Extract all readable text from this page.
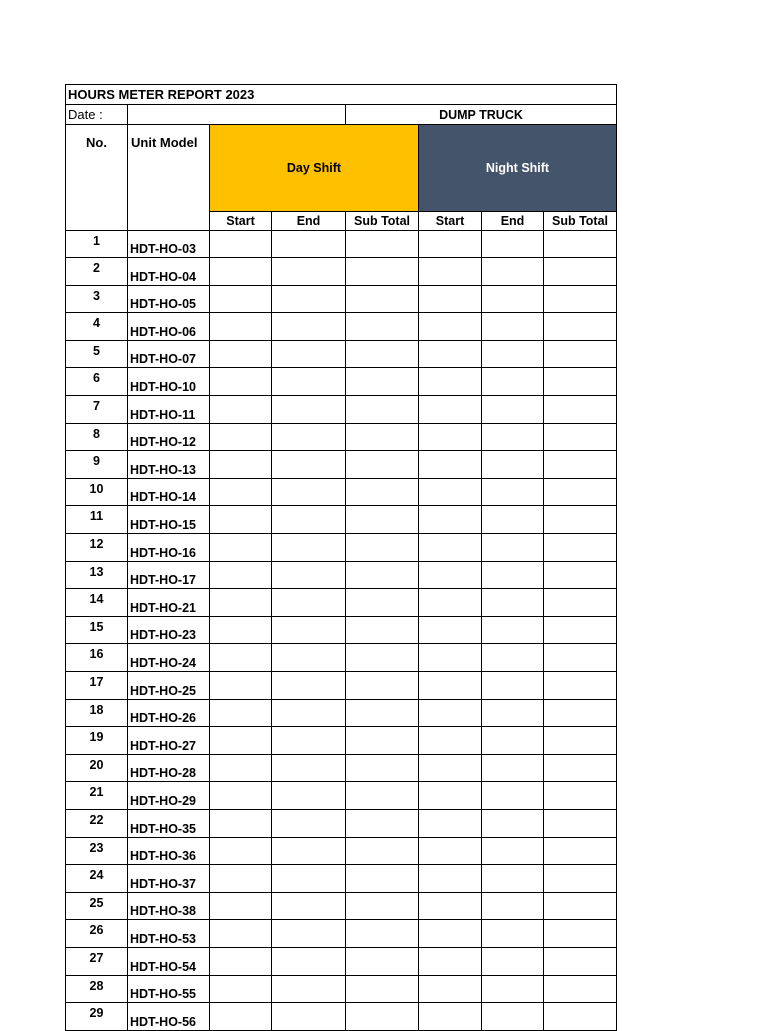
HOURS METER REPORT 2023							
Date :				DUMP TRUCK			
No.	Unit Model	Day Shift			Night Shift		
		Start	End	Sub Total	Start	End	Sub Total
1	HDT-HO-03						
2	HDT-HO-04						
3	HDT-HO-05						
4	HDT-HO-06						
5	HDT-HO-07						
6	HDT-HO-10						
7	HDT-HO-11						
8	HDT-HO-12						
9	HDT-HO-13						
10	HDT-HO-14						
11	HDT-HO-15						
12	HDT-HO-16						
13	HDT-HO-17						
14	HDT-HO-21						
15	HDT-HO-23						
16	HDT-HO-24						
17	HDT-HO-25						
18	HDT-HO-26						
19	HDT-HO-27						
20	HDT-HO-28						
21	HDT-HO-29						
22	HDT-HO-35						
23	HDT-HO-36						
24	HDT-HO-37						
25	HDT-HO-38						
26	HDT-HO-53						
27	HDT-HO-54						
28	HDT-HO-55						
29	HDT-HO-56						
